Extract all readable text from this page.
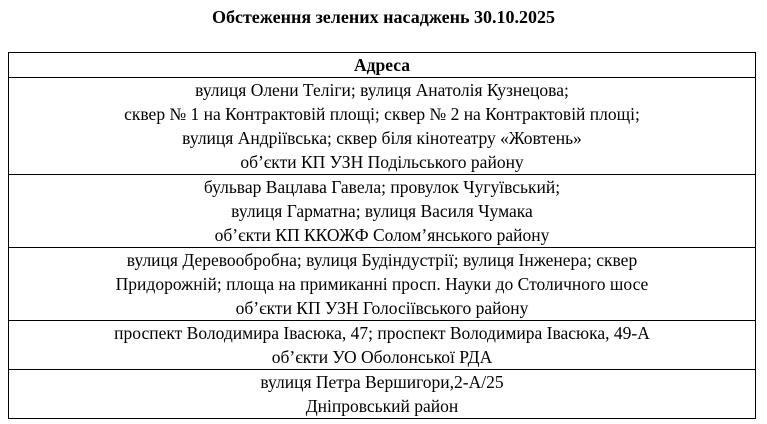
Обстеження зелених насаджень 30.10.2025
Адреса

вулиця Олени Теліги; вулиця Анатолія Кузнецова;
сквер № 1 на Контрактовій площі; сквер № 2 на Контрактовій площі;
вулиця Андріївська; сквер біля кінотеатру «Жовтень»
об’єкти КП УЗН Подільського району

бульвар Вацлава Гавела; провулок Чугуївський;
вулиця Гарматна; вулиця Василя Чумака
об’єкти КП ККОЖФ Солом’янського району

вулиця Деревообробна; вулиця Будіндустрії; вулиця Інженера; сквер
Придорожній; площа на примиканні просп. Науки до Столичного шосе
об’єкти КП УЗН Голосіївського району

проспект Володимира Івасюка, 47; проспект Володимира Івасюка, 49-А
об’єкти УО Оболонської РДА

вулиця Петра Вершигори,2-А/25
Дніпровський район
